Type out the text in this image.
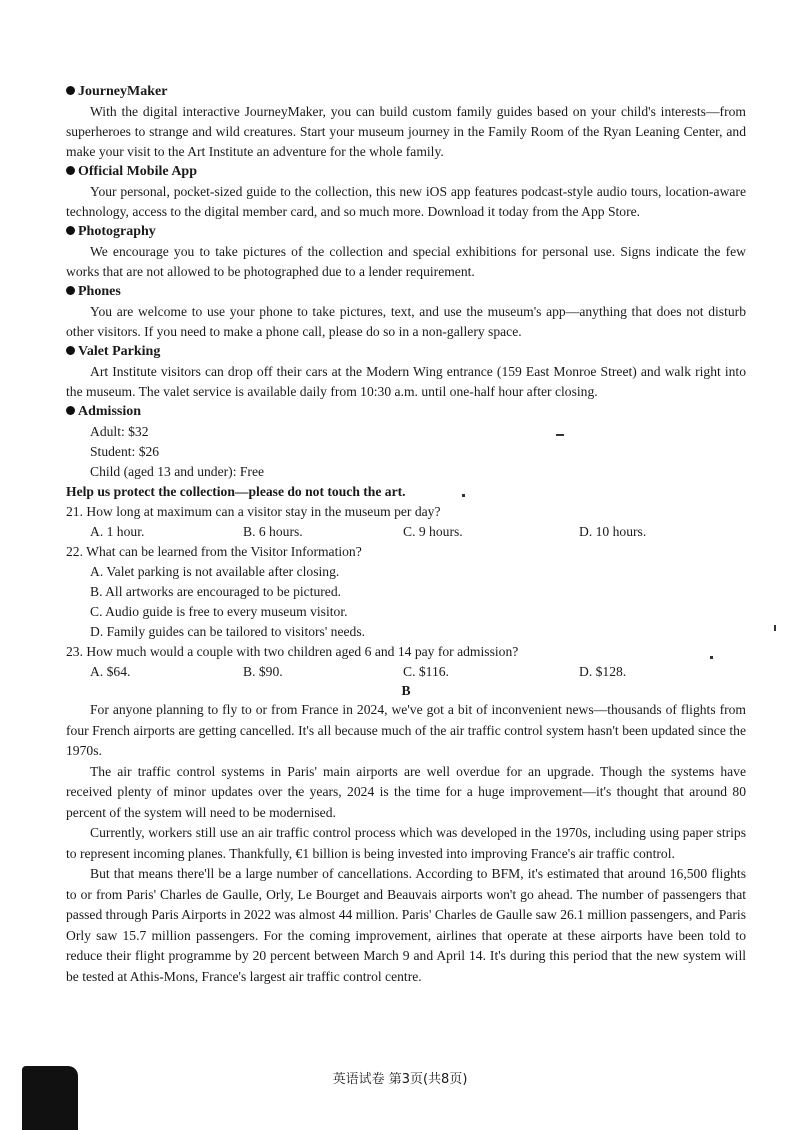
JourneyMaker

With the digital interactive JourneyMaker, you can build custom family guides based on your child's interests—from superheroes to strange and wild creatures. Start your museum journey in the Family Room of the Ryan Leaning Center, and make your visit to the Art Institute an adventure for the whole family.

Official Mobile App

Your personal, pocket-sized guide to the collection, this new iOS app features podcast-style audio tours, location-aware technology, access to the digital member card, and so much more. Download it today from the App Store.

Photography

We encourage you to take pictures of the collection and special exhibitions for personal use. Signs indicate the few works that are not allowed to be photographed due to a lender requirement.

Phones

You are welcome to use your phone to take pictures, text, and use the museum's app—anything that does not disturb other visitors. If you need to make a phone call, please do so in a non-gallery space.

Valet Parking

Art Institute visitors can drop off their cars at the Modern Wing entrance (159 East Monroe Street) and walk right into the museum. The valet service is available daily from 10:30 a.m. until one-half hour after closing.

Admission

Adult: $32

Student: $26

Child (aged 13 and under): Free

Help us protect the collection—please do not touch the art.

21. How long at maximum can a visitor stay in the museum per day?

A. 1 hour.	B. 6 hours.	C. 9 hours.	D. 10 hours.

22. What can be learned from the Visitor Information?

A. Valet parking is not available after closing.

B. All artworks are encouraged to be pictured.

C. Audio guide is free to every museum visitor.

D. Family guides can be tailored to visitors' needs.

23. How much would a couple with two children aged 6 and 14 pay for admission?

A. $64.	B. $90.	C. $116.	D. $128.

B

For anyone planning to fly to or from France in 2024, we've got a bit of inconvenient news—thousands of flights from four French airports are getting cancelled. It's all because much of the air traffic control system hasn't been updated since the 1970s.

The air traffic control systems in Paris' main airports are well overdue for an upgrade. Though the systems have received plenty of minor updates over the years, 2024 is the time for a huge improvement—it's thought that around 80 percent of the system will need to be modernised.

Currently, workers still use an air traffic control process which was developed in the 1970s, including using paper strips to represent incoming planes. Thankfully, €1 billion is being invested into improving France's air traffic control.

But that means there'll be a large number of cancellations. According to BFM, it's estimated that around 16,500 flights to or from Paris' Charles de Gaulle, Orly, Le Bourget and Beauvais airports won't go ahead. The number of passengers that passed through Paris Airports in 2022 was almost 44 million. Paris' Charles de Gaulle saw 26.1 million passengers, and Paris Orly saw 15.7 million passengers. For the coming improvement, airlines that operate at these airports have been told to reduce their flight programme by 20 percent between March 9 and April 14. It's during this period that the new system will be tested at Athis-Mons, France's largest air traffic control centre.

英语试卷 第3页(共8页)
